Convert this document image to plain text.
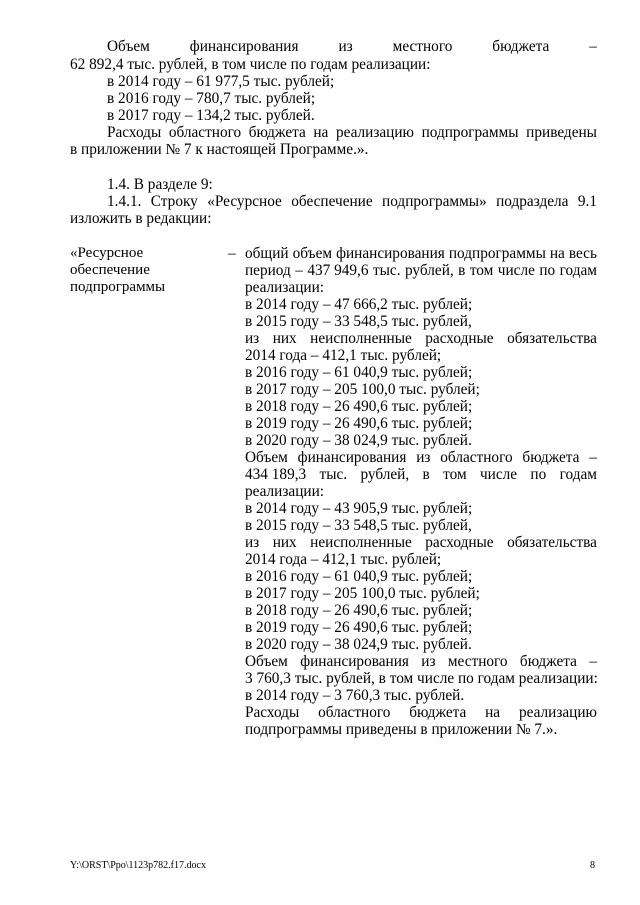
Объем	финансирования	из	местного	бюджета	–
62 892,4 тыс. рублей, в том числе по годам реализации:
в 2014 году – 61 977,5 тыс. рублей;
в 2016 году – 780,7 тыс. рублей;
в 2017 году – 134,2 тыс. рублей.
Расходы областного бюджета на реализацию подпрограммы приведены
в приложении № 7 к настоящей Программе.».
1.4. В разделе 9:
1.4.1. Строку «Ресурсное обеспечение подпрограммы» подраздела 9.1
изложить в редакции:
«Ресурсное
обеспечение
подпрограммы
– общий объем финансирования подпрограммы на весь
период – 437 949,6 тыс. рублей, в том числе по годам
реализации:
в 2014 году – 47 666,2 тыс. рублей;
в 2015 году – 33 548,5 тыс. рублей,
из них неисполненные расходные обязательства
2014 года – 412,1 тыс. рублей;
в 2016 году – 61 040,9 тыс. рублей;
в 2017 году – 205 100,0 тыс. рублей;
в 2018 году – 26 490,6 тыс. рублей;
в 2019 году – 26 490,6 тыс. рублей;
в 2020 году – 38 024,9 тыс. рублей.
Объем финансирования из областного бюджета –
434 189,3 тыс. рублей, в том числе по годам
реализации:
в 2014 году – 43 905,9 тыс. рублей;
в 2015 году – 33 548,5 тыс. рублей,
из них неисполненные расходные обязательства
2014 года – 412,1 тыс. рублей;
в 2016 году – 61 040,9 тыс. рублей;
в 2017 году – 205 100,0 тыс. рублей;
в 2018 году – 26 490,6 тыс. рублей;
в 2019 году – 26 490,6 тыс. рублей;
в 2020 году – 38 024,9 тыс. рублей.
Объем финансирования из местного бюджета –
3 760,3 тыс. рублей, в том числе по годам реализации:
в 2014 году – 3 760,3 тыс. рублей.
Расходы областного бюджета на реализацию
подпрограммы приведены в приложении № 7.».
Y:\ORST\Ppo\1123p782.f17.docx	8
